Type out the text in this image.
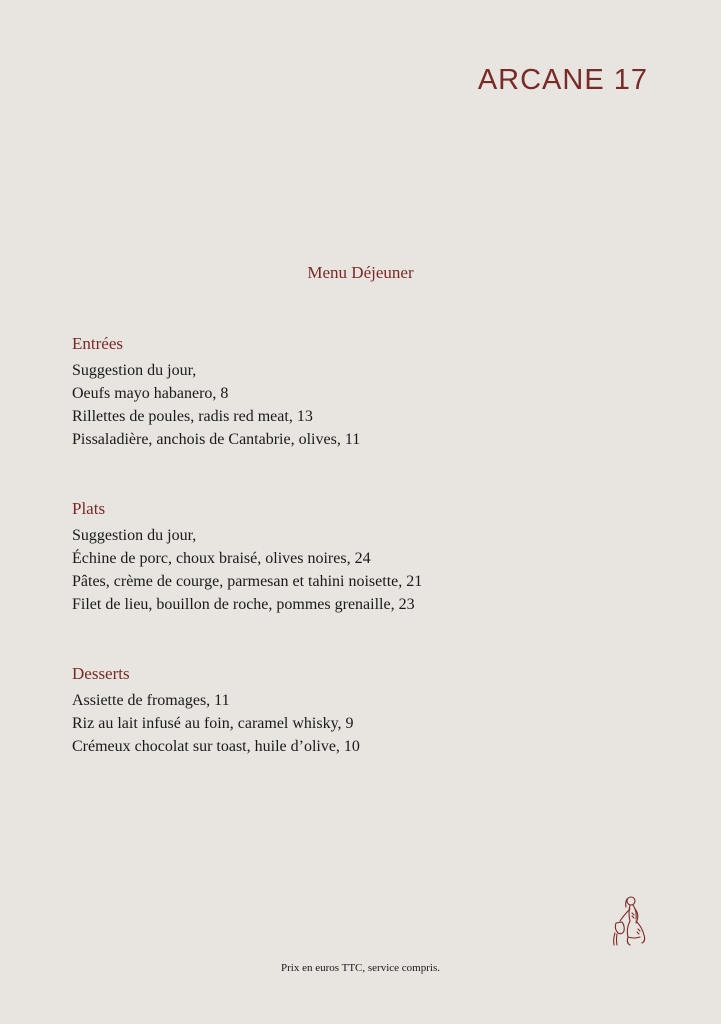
ARCANE 17
Menu Déjeuner
Entrées
Suggestion du jour,
Oeufs mayo habanero, 8
Rillettes de poules, radis red meat, 13
Pissaladière, anchois de Cantabrie, olives, 11
Plats
Suggestion du jour,
Échine de porc, choux braisé, olives noires, 24
Pâtes, crème de courge, parmesan et tahini noisette, 21
Filet de lieu, bouillon de roche, pommes grenaille, 23
Desserts
Assiette de fromages, 11
Riz au lait infusé au foin, caramel whisky, 9
Crémeux chocolat sur toast, huile d’olive, 10
Prix en euros TTC, service compris.
